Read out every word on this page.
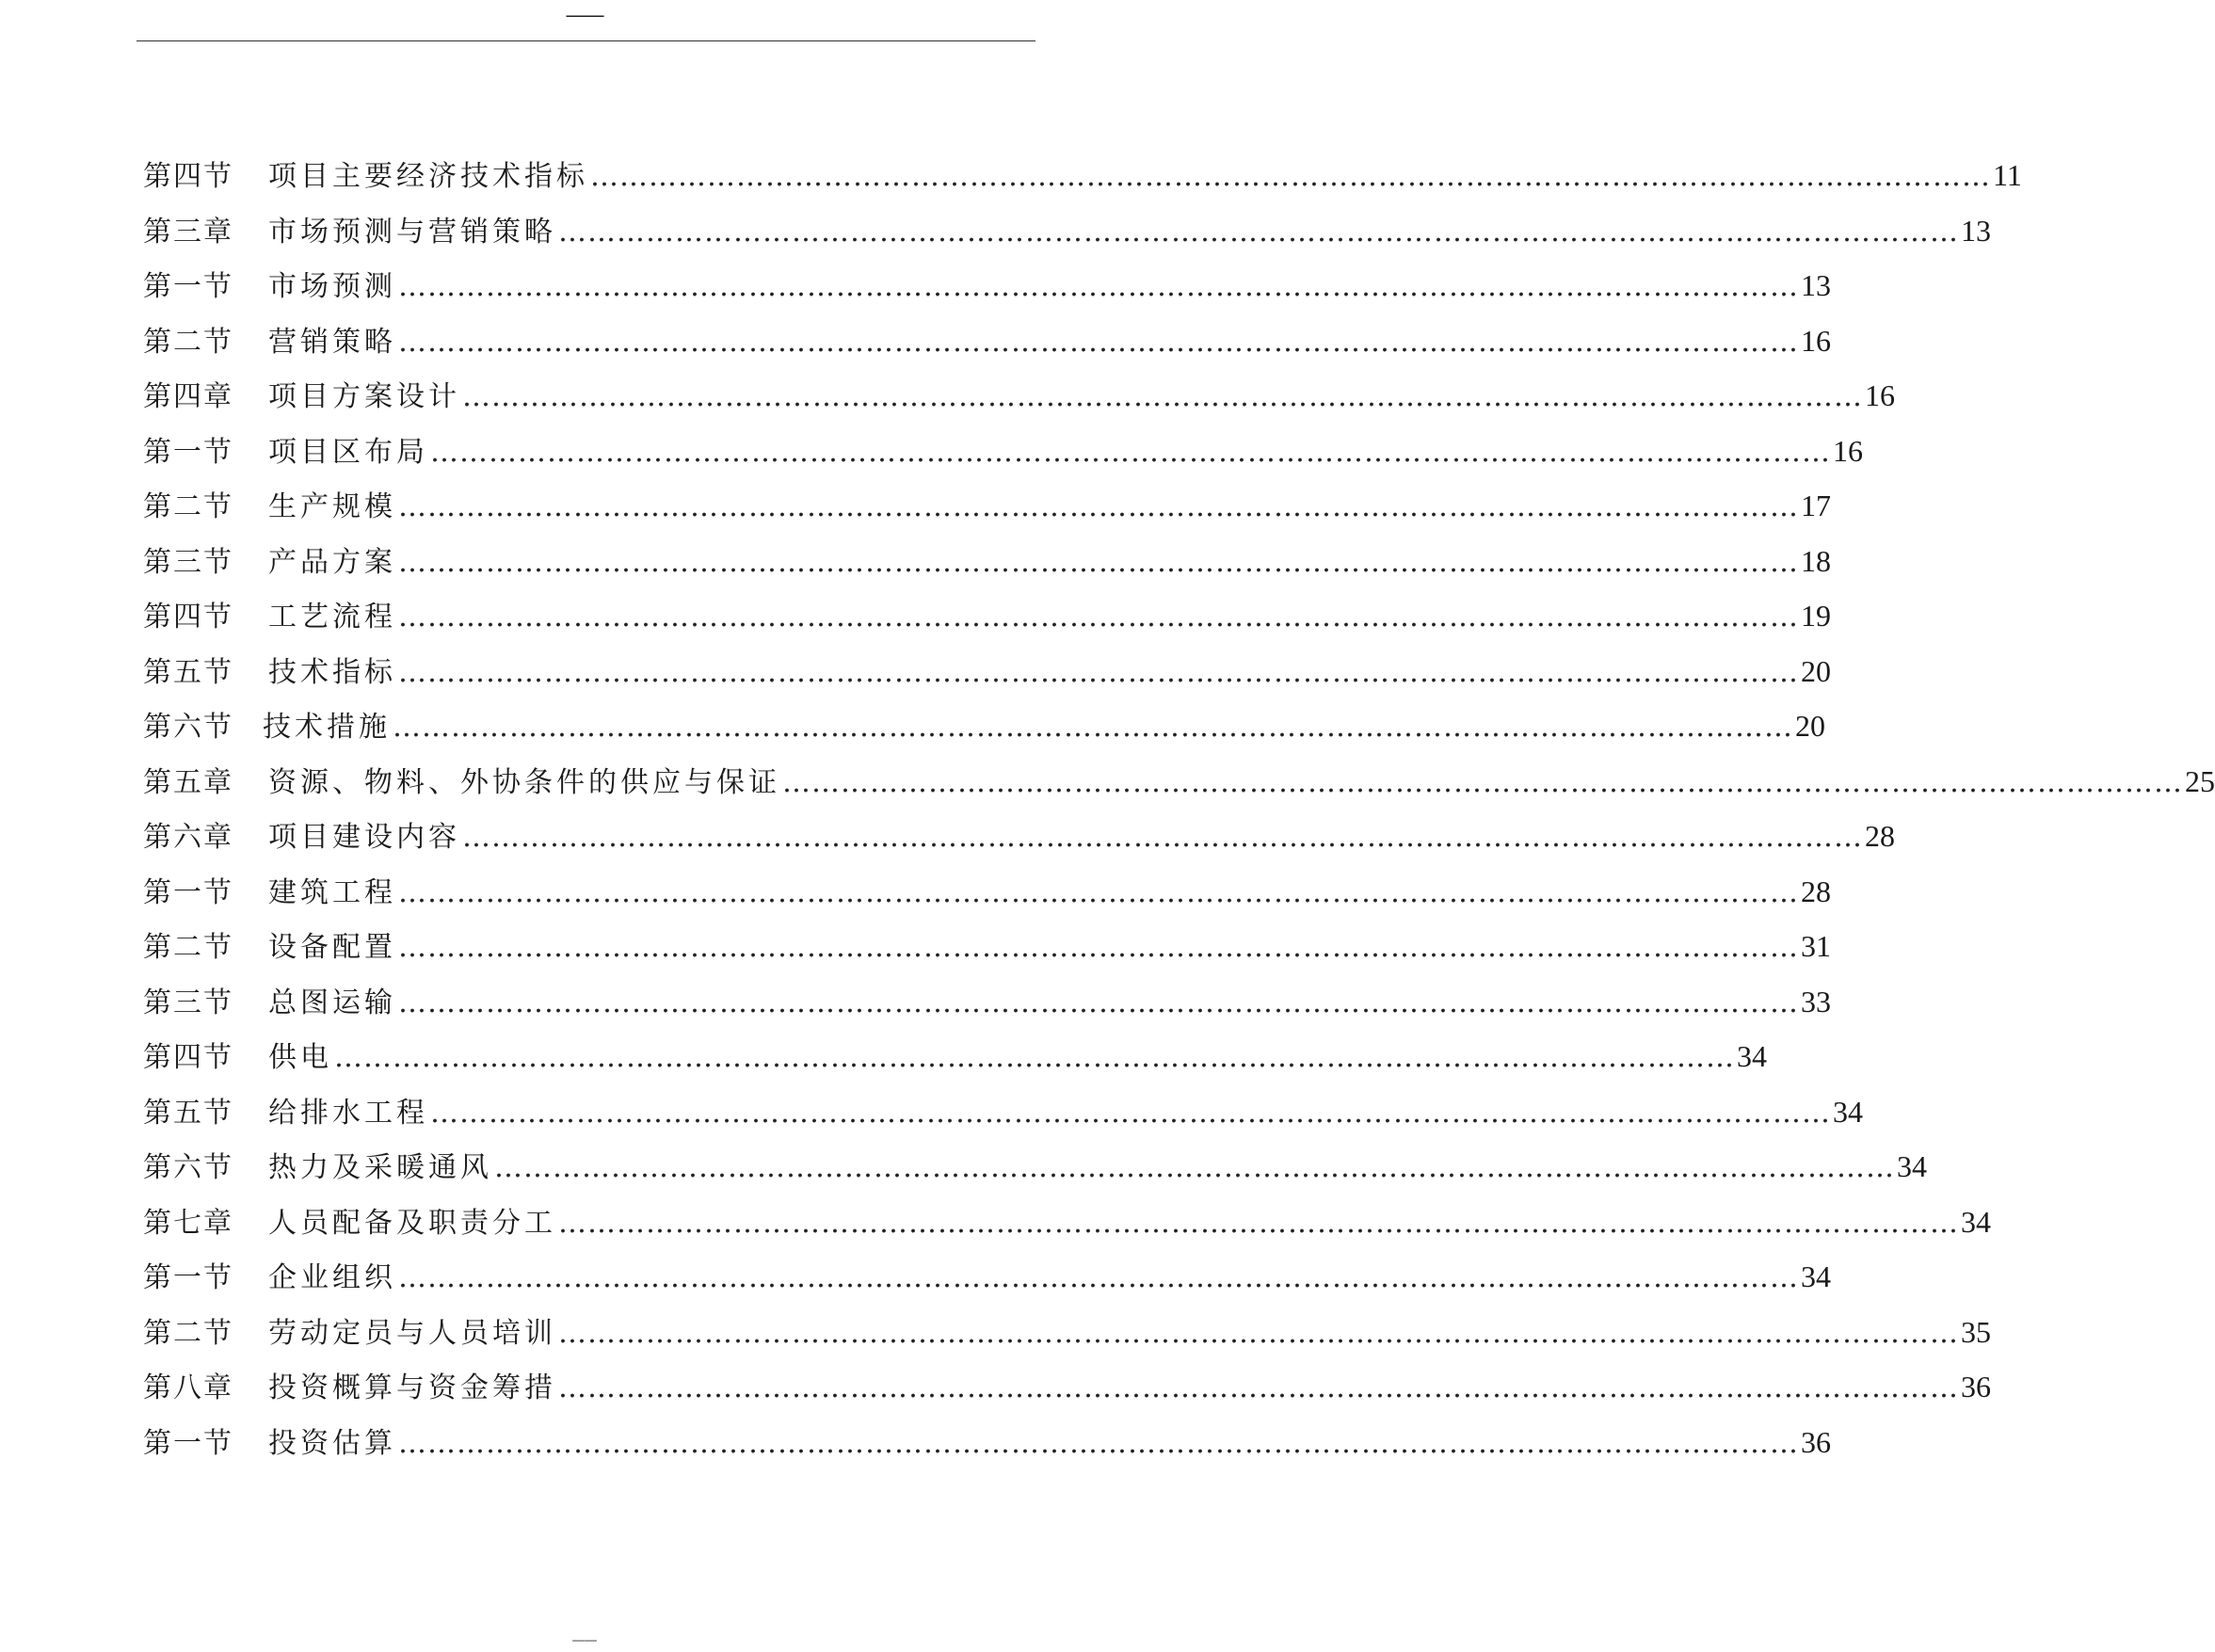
——
第四节	项目主要经济技术指标 ……………………………………………………………………………………………………………………………… 11
第三章	市场预测与营销策略 ……………………………………………………………………………………………………………………………… 13
第一节	市场预测 ……………………………………………………………………………………………………………………………… 13
第二节	营销策略 ……………………………………………………………………………………………………………………………… 16
第四章	项目方案设计 ……………………………………………………………………………………………………………………………… 16
第一节	项目区布局 ……………………………………………………………………………………………………………………………… 16
第二节	生产规模 ……………………………………………………………………………………………………………………………… 17
第三节	产品方案 ……………………………………………………………………………………………………………………………… 18
第四节	工艺流程 ……………………………………………………………………………………………………………………………… 19
第五节	技术指标 ……………………………………………………………………………………………………………………………… 20
第六节	技术措施 ……………………………………………………………………………………………………………………………… 20
第五章	资源、物料、外协条件的供应与保证 ……………………………………………………………………………………………………………………………… 25
第六章	项目建设内容 ……………………………………………………………………………………………………………………………… 28
第一节	建筑工程 ……………………………………………………………………………………………………………………………… 28
第二节	设备配置 ……………………………………………………………………………………………………………………………… 31
第三节	总图运输 ……………………………………………………………………………………………………………………………… 33
第四节	供电 ……………………………………………………………………………………………………………………………… 34
第五节	给排水工程 ……………………………………………………………………………………………………………………………… 34
第六节	热力及采暖通风 ……………………………………………………………………………………………………………………………… 34
第七章	人员配备及职责分工 ……………………………………………………………………………………………………………………………… 34
第一节	企业组织 ……………………………………………………………………………………………………………………………… 34
第二节	劳动定员与人员培训 ……………………………………………………………………………………………………………………………… 35
第八章	投资概算与资金筹措 ……………………………………………………………………………………………………………………………… 36
第一节	投资估算 ……………………………………………………………………………………………………………………………… 36
——
